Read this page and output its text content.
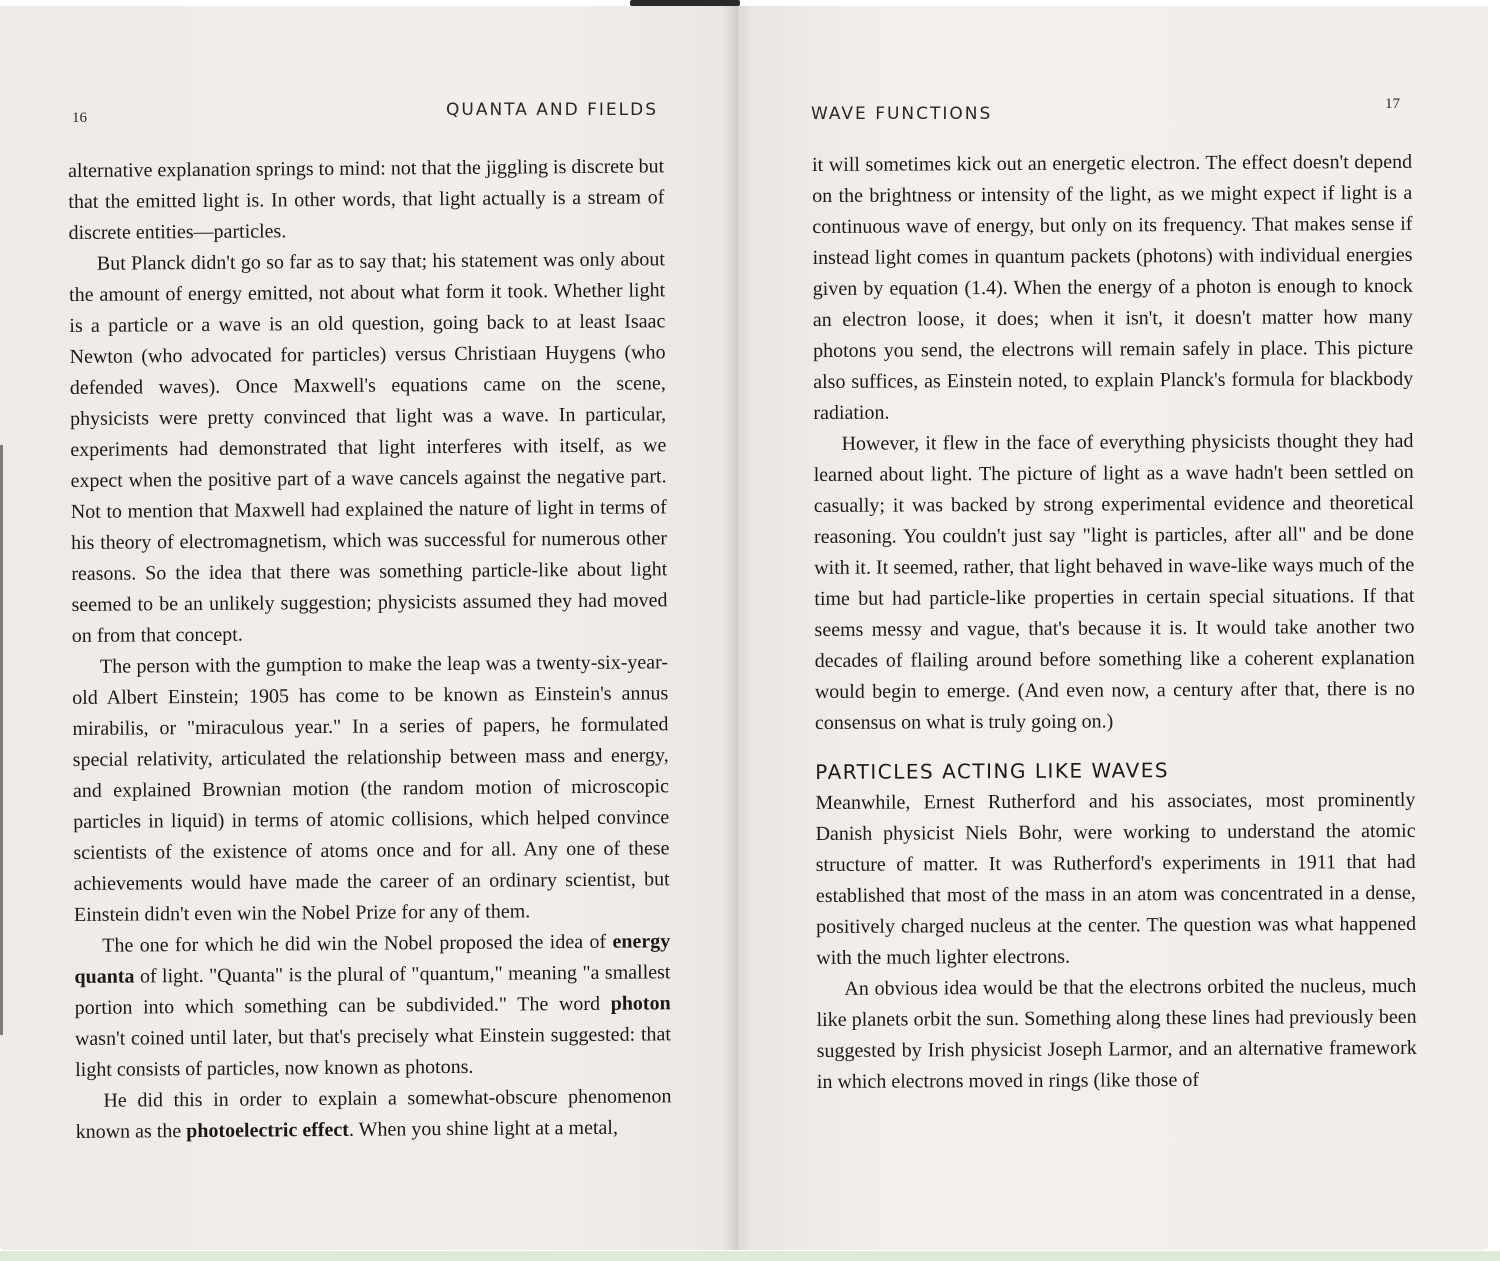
16	QUANTA AND FIELDS	WAVE FUNCTIONS	17

alternative explanation springs to mind: not that the jiggling is discrete but that the emitted light is. In other words, that light actually is a stream of discrete entities—particles.

But Planck didn't go so far as to say that; his statement was only about the amount of energy emitted, not about what form it took. Whether light is a particle or a wave is an old question, going back to at least Isaac Newton (who advocated for particles) versus Christiaan Huygens (who defended waves). Once Maxwell's equations came on the scene, physicists were pretty convinced that light was a wave. In particular, experiments had demonstrated that light interferes with itself, as we expect when the positive part of a wave cancels against the negative part. Not to mention that Maxwell had explained the nature of light in terms of his theory of electromagnetism, which was successful for numerous other reasons. So the idea that there was something particle-like about light seemed to be an unlikely suggestion; physicists assumed they had moved on from that concept.

The person with the gumption to make the leap was a twenty-six-year-old Albert Einstein; 1905 has come to be known as Einstein's annus mirabilis, or "miraculous year." In a series of papers, he formulated special relativity, articulated the relationship between mass and energy, and explained Brownian motion (the random motion of microscopic particles in liquid) in terms of atomic collisions, which helped convince scientists of the existence of atoms once and for all. Any one of these achievements would have made the career of an ordinary scientist, but Einstein didn't even win the Nobel Prize for any of them.

The one for which he did win the Nobel proposed the idea of energy quanta of light. "Quanta" is the plural of "quantum," meaning "a smallest portion into which something can be subdivided." The word photon wasn't coined until later, but that's precisely what Einstein suggested: that light consists of particles, now known as photons.

He did this in order to explain a somewhat-obscure phenomenon known as the photoelectric effect. When you shine light at a metal,

it will sometimes kick out an energetic electron. The effect doesn't depend on the brightness or intensity of the light, as we might expect if light is a continuous wave of energy, but only on its frequency. That makes sense if instead light comes in quantum packets (photons) with individual energies given by equation (1.4). When the energy of a photon is enough to knock an electron loose, it does; when it isn't, it doesn't matter how many photons you send, the electrons will remain safely in place. This picture also suffices, as Einstein noted, to explain Planck's formula for blackbody radiation.

However, it flew in the face of everything physicists thought they had learned about light. The picture of light as a wave hadn't been settled on casually; it was backed by strong experimental evidence and theoretical reasoning. You couldn't just say "light is particles, after all" and be done with it. It seemed, rather, that light behaved in wave-like ways much of the time but had particle-like properties in certain special situations. If that seems messy and vague, that's because it is. It would take another two decades of flailing around before something like a coherent explanation would begin to emerge. (And even now, a century after that, there is no consensus on what is truly going on.)

PARTICLES ACTING LIKE WAVES

Meanwhile, Ernest Rutherford and his associates, most prominently Danish physicist Niels Bohr, were working to understand the atomic structure of matter. It was Rutherford's experiments in 1911 that had established that most of the mass in an atom was concentrated in a dense, positively charged nucleus at the center. The question was what happened with the much lighter electrons.

An obvious idea would be that the electrons orbited the nucleus, much like planets orbit the sun. Something along these lines had previously been suggested by Irish physicist Joseph Larmor, and an alternative framework in which electrons moved in rings (like those of
